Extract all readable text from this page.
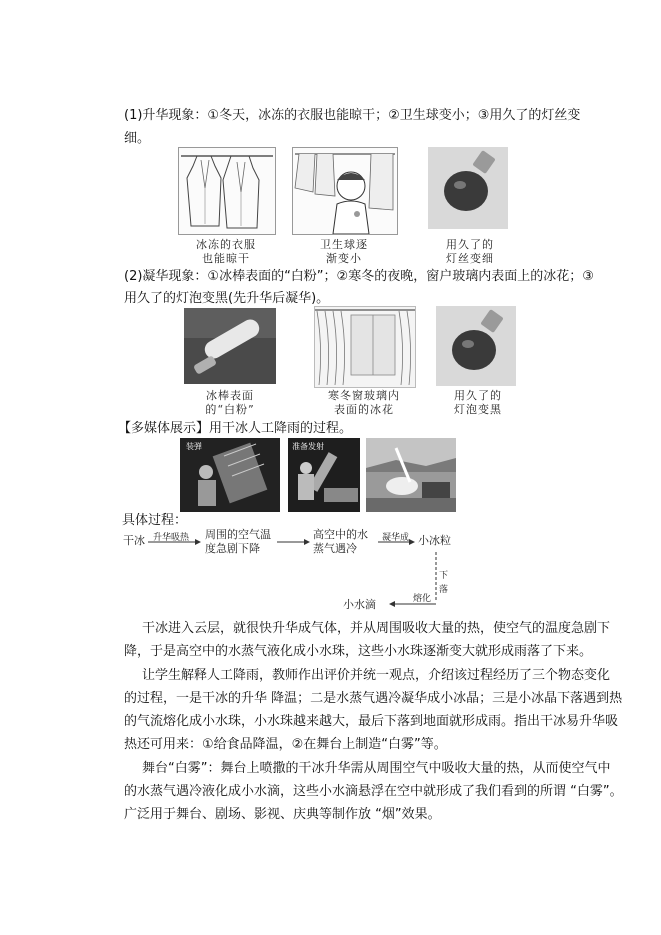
(1)升华现象：①冬天，冰冻的衣服也能晾干；②卫生球变小；③用久了的灯丝变
细。
冰冻的衣服
也能晾干
卫生球逐
渐变小
用久了的
灯丝变细
(2)凝华现象：①冰棒表面的“白粉”；②寒冬的夜晚，窗户玻璃内表面上的冰花；③
用久了的灯泡变黑(先升华后凝华)。
冰棒表面
的“白粉”
寒冬窗玻璃内
表面的冰花
用久了的
灯泡变黑
【多媒体展示】用干冰人工降雨的过程。
装弹	准备发射
具体过程：
干冰 升华吸热 周围的空气温
度急剧下降
高空中的水
蒸气遇冷
凝华成 小冰粒
下落
熔化
小水滴
干冰进入云层，就很快升华成气体，并从周围吸收大量的热，使空气的温度急剧下
降，于是高空中的水蒸气液化成小水珠，这些小水珠逐渐变大就形成雨落了下来。
让学生解释人工降雨，教师作出评价并统一观点，介绍该过程经历了三个物态变化
的过程，一是干冰的升华 降温；二是水蒸气遇冷凝华成小冰晶；三是小冰晶下落遇到热
的气流熔化成小水珠，小水珠越来越大，最后下落到地面就形成雨。指出干冰易升华吸
热还可用来：①给食品降温，②在舞台上制造“白雾”等。
舞台“白雾”：舞台上喷撒的干冰升华需从周围空气中吸收大量的热，从而使空气中
的水蒸气遇冷液化成小水滴，这些小水滴悬浮在空中就形成了我们看到的所谓 “白雾”。
广泛用于舞台、剧场、影视、庆典等制作放 “烟”效果。
